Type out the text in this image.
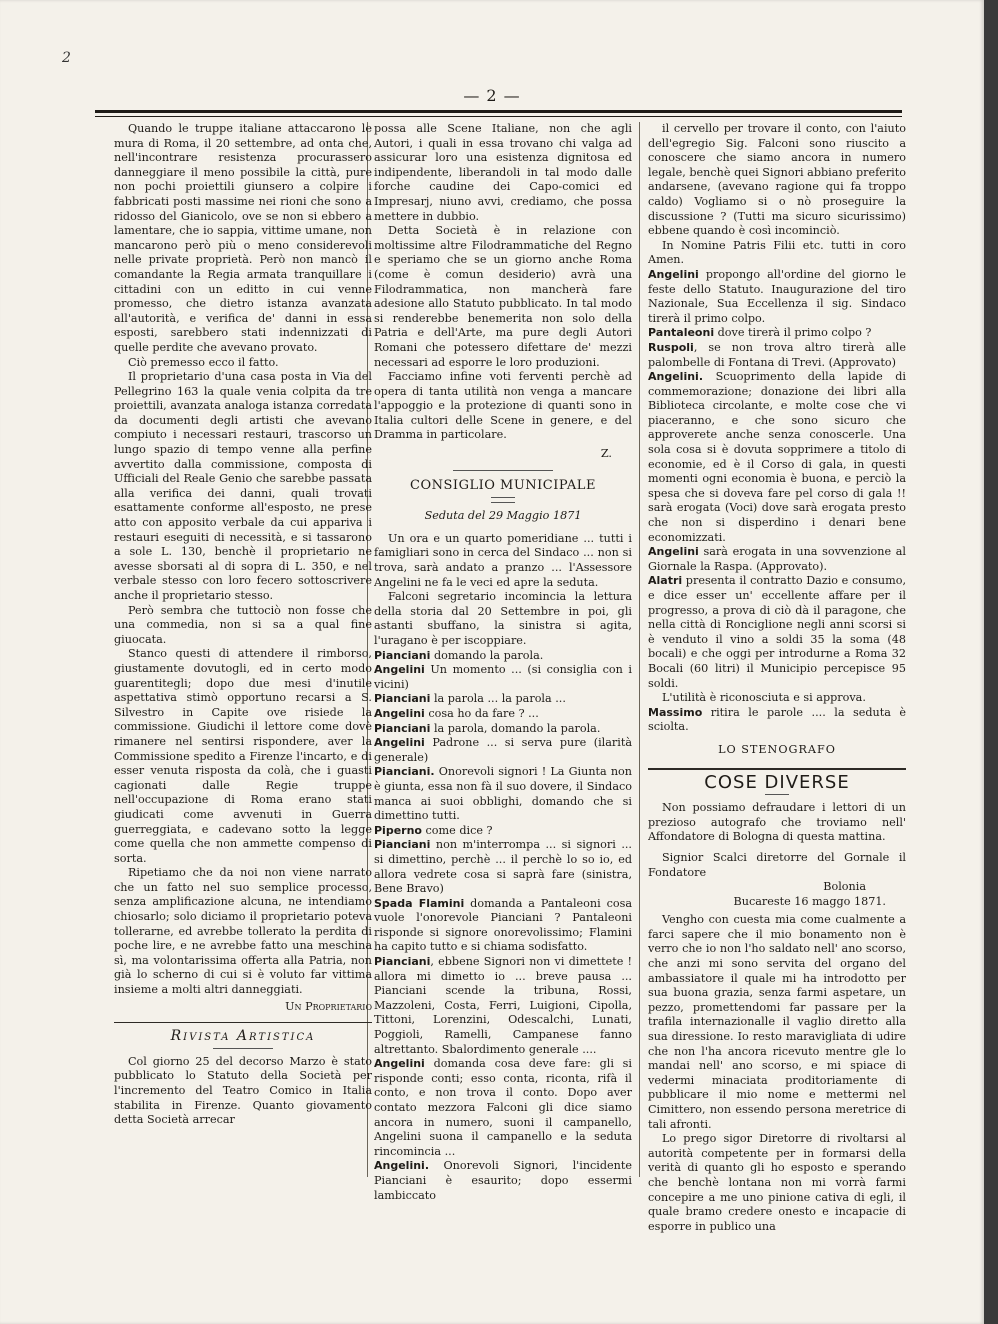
2
— 2 —

Quando le truppe italiane attaccarono le mura di Roma, il 20 settembre, ad onta che, nell'incontrare resistenza procurassero danneggiare il meno possibile la città, pure non pochi proiettili giunsero a colpire i fabbricati posti massime nei rioni che sono a ridosso del Gianicolo, ove se non si ebbero a lamentare, che io sappia, vittime umane, non mancarono però più o meno considerevoli nelle private proprietà. Però non mancò il comandante la Regia armata tranquillare i cittadini con un editto in cui venne promesso, che dietro istanza avanzata all'autorità, e verifica de' danni in essa esposti, sarebbero stati indennizzati di quelle perdite che avevano provato.

Ciò premesso ecco il fatto.

Il proprietario d'una casa posta in Via del Pellegrino 163 la quale venia colpita da tre proiettili, avanzata analoga istanza corredata da documenti degli artisti che avevano compiuto i necessari restauri, trascorso un lungo spazio di tempo venne alla perfine avvertito dalla commissione, composta di Ufficiali del Reale Genio che sarebbe passata alla verifica dei danni, quali trovati esattamente conforme all'esposto, ne prese atto con apposito verbale da cui appariva i restauri eseguiti di necessità, e si tassarono a sole L. 130, benchè il proprietario ne avesse sborsati al di sopra di L. 350, e nel verbale stesso con loro fecero sottoscrivere anche il proprietario stesso.

Però sembra che tuttociò non fosse che una commedia, non si sa a qual fine giuocata.

Stanco questi di attendere il rimborso, giustamente dovutogli, ed in certo modo guarentitegli; dopo due mesi d'inutile aspettativa stimò opportuno recarsi a S. Silvestro in Capite ove risiede la commissione. Giudichi il lettore come dovè rimanere nel sentirsi rispondere, aver la Commissione spedito a Firenze l'incarto, e di esser venuta risposta da colà, che i guasti cagionati dalle Regie truppe nell'occupazione di Roma erano stati giudicati come avvenuti in Guerra guerreggiata, e cadevano sotto la legge come quella che non ammette compenso di sorta.

Ripetiamo che da noi non viene narrato che un fatto nel suo semplice processo, senza amplificazione alcuna, ne intendiamo chiosarlo; solo diciamo il proprietario poteva tollerarne, ed avrebbe tollerato la perdita di poche lire, e ne avrebbe fatto una meschina sì, ma volontarissima offerta alla Patria, non già lo scherno di cui si è voluto far vittima insieme a molti altri danneggiati.

Un Proprietario
Rivista Artistica

Col giorno 25 del decorso Marzo è stato pubblicato lo Statuto della Società per l'incremento del Teatro Comico in Italia stabilita in Firenze. Quanto giovamento detta Società arrecar

possa alle Scene Italiane, non che agli Autori, i quali in essa trovano chi valga ad assicurar loro una esistenza dignitosa ed indipendente, liberandoli in tal modo dalle forche caudine dei Capo-comici ed Impresarj, niuno avvi, crediamo, che possa mettere in dubbio.

Detta Società è in relazione con moltissime altre Filodrammatiche del Regno e speriamo che se un giorno anche Roma (come è comun desiderio) avrà una Filodrammatica, non mancherà fare adesione allo Statuto pubblicato. In tal modo si renderebbe benemerita non solo della Patria e dell'Arte, ma pure degli Autori Romani che potessero difettare de' mezzi necessari ad esporre le loro produzioni.

Facciamo infine voti ferventi perchè ad opera di tanta utilità non venga a mancare l'appoggio e la protezione di quanti sono in Italia cultori delle Scene in genere, e del Dramma in particolare.

Z.
CONSIGLIO MUNICIPALE
Seduta del 29 Maggio 1871

Un ora e un quarto pomeridiane ... tutti i famigliari sono in cerca del Sindaco ... non si trova, sarà andato a pranzo ... l'Assessore Angelini ne fa le veci ed apre la seduta.

Falconi segretario incomincia la lettura della storia dal 20 Settembre in poi, gli astanti sbuffano, la sinistra si agita, l'uragano è per iscoppiare.

Pianciani domando la parola.

Angelini Un momento ... (si consiglia con i vicini)

Pianciani la parola ... la parola ...

Angelini cosa ho da fare ? ...

Pianciani la parola, domando la parola.

Angelini Padrone ... si serva pure (ilarità generale)

Pianciani. Onorevoli signori ! La Giunta non è giunta, essa non fà il suo dovere, il Sindaco manca ai suoi obblighi, domando che si dimettino tutti.

Piperno come dice ?

Pianciani non m'interrompa ... si signori ... si dimettino, perchè ... il perchè lo so io, ed allora vedrete cosa si saprà fare (sinistra, Bene Bravo)

Spada Flamini domanda a Pantaleoni cosa vuole l'onorevole Pianciani ? Pantaleoni risponde si signore onorevolissimo; Flamini ha capito tutto e si chiama sodisfatto.

Pianciani, ebbene Signori non vi dimettete ! allora mi dimetto io ... breve pausa ... Pianciani scende la tribuna, Rossi, Mazzoleni, Costa, Ferri, Luigioni, Cipolla, Tittoni, Lorenzini, Odescalchi, Lunati, Poggioli, Ramelli, Campanese fanno altrettanto. Sbalordimento generale ....

Angelini domanda cosa deve fare: gli si risponde conti; esso conta, riconta, rifà il conto, e non trova il conto. Dopo aver contato mezzora Falconi gli dice siamo ancora in numero, suoni il campanello, Angelini suona il campanello e la seduta rincomincia ...

Angelini. Onorevoli Signori, l'incidente Pianciani è esaurito; dopo essermi lambiccato

il cervello per trovare il conto, con l'aiuto dell'egregio Sig. Falconi sono riuscito a conoscere che siamo ancora in numero legale, benchè quei Signori abbiano preferito andarsene, (avevano ragione qui fa troppo caldo) Vogliamo si o nò proseguire la discussione ? (Tutti ma sicuro sicurissimo) ebbene quando è così incominciò.

In Nomine Patris Filii etc. tutti in coro Amen.

Angelini propongo all'ordine del giorno le feste dello Statuto. Inaugurazione del tiro Nazionale, Sua Eccellenza il sig. Sindaco tirerà il primo colpo.

Pantaleoni dove tirerà il primo colpo ?

Ruspoli, se non trova altro tirerà alle palombelle di Fontana di Trevi. (Approvato)

Angelini. Scuoprimento della lapide di commemorazione; donazione dei libri alla Biblioteca circolante, e molte cose che vi piaceranno, e che sono sicuro che approverete anche senza conoscerle. Una sola cosa si è dovuta sopprimere a titolo di economie, ed è il Corso di gala, in questi momenti ogni economia è buona, e perciò la spesa che si doveva fare pel corso di gala !! sarà erogata (Voci) dove sarà erogata presto che non si disperdino i denari bene economizzati.

Angelini sarà erogata in una sovvenzione al Giornale la Raspa. (Approvato).

Alatri presenta il contratto Dazio e consumo, e dice esser un' eccellente affare per il progresso, a prova di ciò dà il paragone, che nella città di Ronciglione negli anni scorsi si è venduto il vino a soldi 35 la soma (48 bocali) e che oggi per introdurne a Roma 32 Bocali (60 litri) il Municipio percepisce 95 soldi.

L'utilità è riconosciuta e si approva.

Massimo ritira le parole .... la seduta è sciolta.

LO STENOGRAFO
COSE DIVERSE

Non possiamo defraudare i lettori di un prezioso autografo che troviamo nell' Affondatore di Bologna di questa mattina.

Signior Scalci diretorre del Gornale il Fondatore

Bolonia
Bucareste 16 maggo 1871.

Vengho con cuesta mia come cualmente a farci sapere che il mio bonamento non è verro che io non l'ho saldato nell' ano scorso, che anzi mi sono servita del organo del ambassiatore il quale mi ha introdotto per sua buona grazia, senza farmi aspetare, un pezzo, promettendomi far passare per la trafila internazionalle il vaglio diretto alla sua diressione. Io resto maravigliata di udire che non l'ha ancora ricevuto mentre gle lo mandai nell' ano scorso, e mi spiace di vedermi minaciata proditoriamente di pubblicare il mio nome e mettermi nel Cimittero, non essendo persona meretrice di tali afronti.

Lo prego sigor Diretorre di rivoltarsi al autorità competente per in formarsi della verità di quanto gli ho esposto e sperando che benchè lontana non mi vorrà farmi concepire a me uno pinione cativa di egli, il quale bramo credere onesto e incapacie di esporre in publico una
